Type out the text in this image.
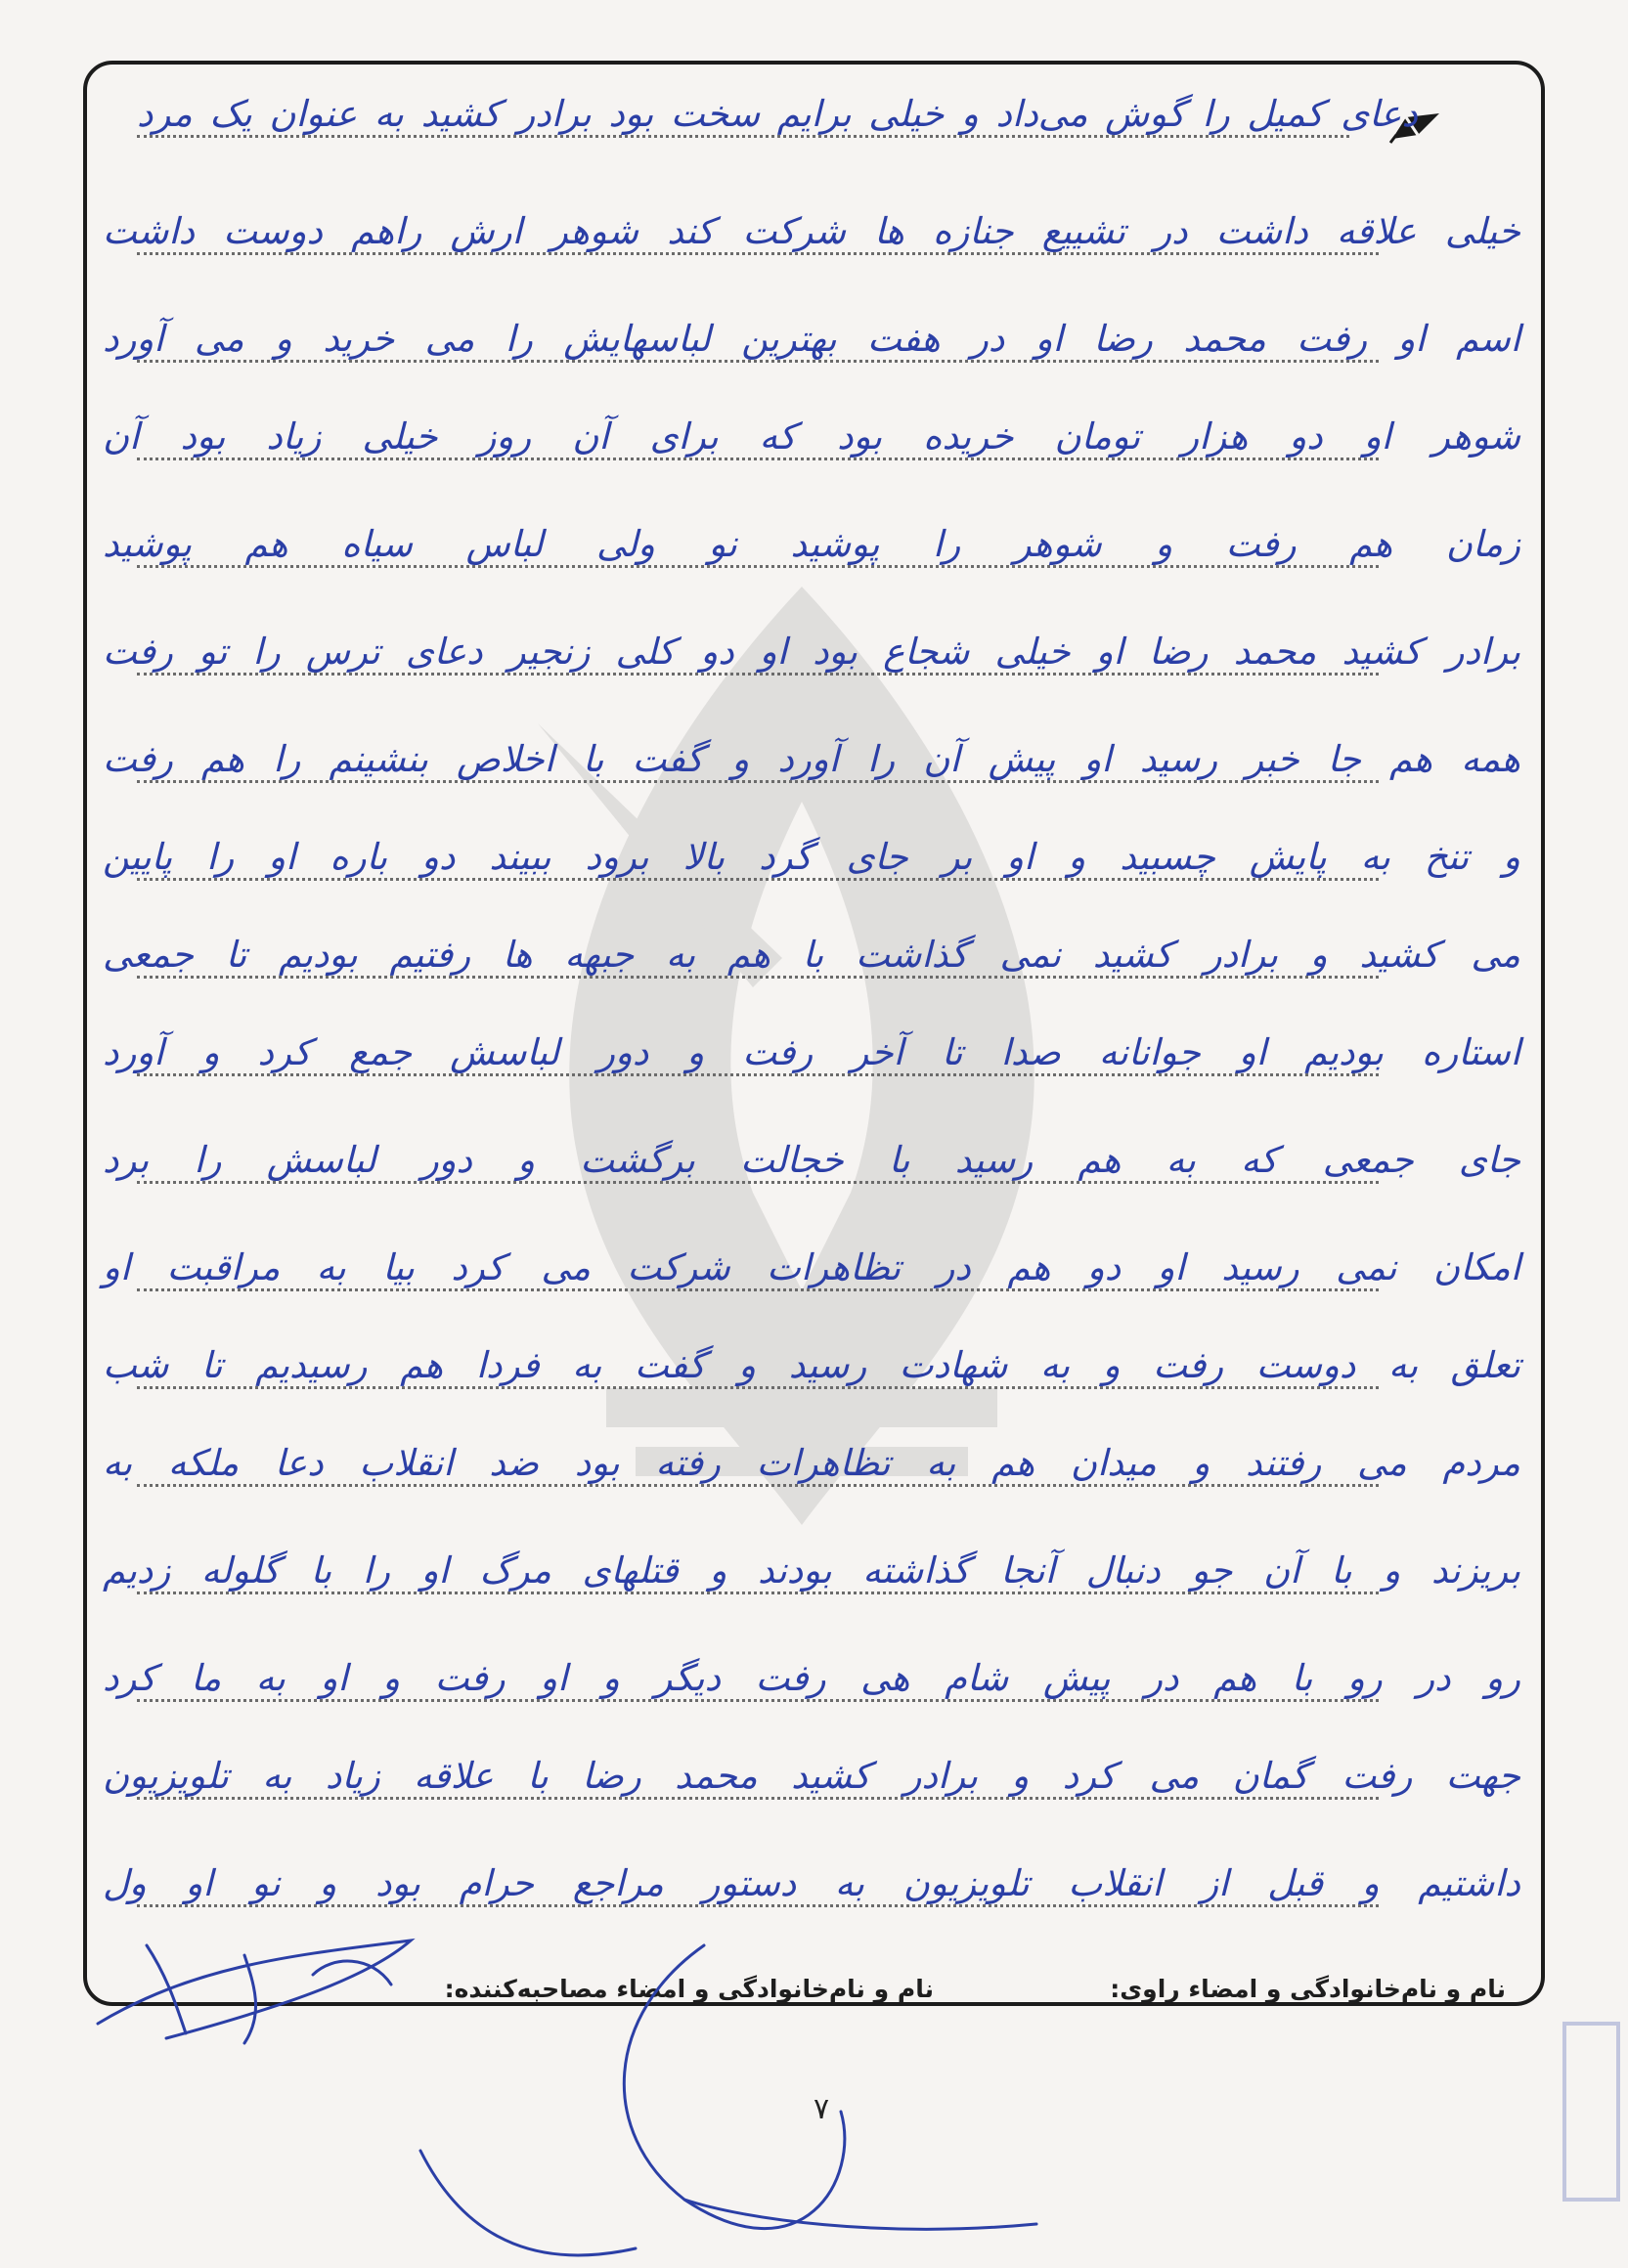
دعای کمیل را گوش می‌داد و خیلی برایم سخت بود برادر کشید به عنوان یک مرد
خیلی علاقه داشت در تشییع جنازه ها شرکت کند شوهر ارش راهم دوست داشت
اسم او رفت محمد رضا او در هفت بهترین لباسهایش را می خرید و می آورد
شوهر او دو هزار تومان خریده بود که برای آن روز خیلی زیاد بود آن
زمان هم رفت و شوهر را پوشید نو ولی لباس سیاه هم پوشید
برادر کشید محمد رضا او خیلی شجاع بود او دو کلی زنجیر دعای ترس را تو رفت
همه هم جا خبر رسید او پیش آن را آورد و گفت با اخلاص بنشینم را هم رفت
و تنخ به پایش چسبید و او بر جای گرد بالا برود ببیند دو باره او را پایین
می کشید و برادر کشید نمی گذاشت با هم به جبهه ها رفتیم بودیم تا جمعی
استاره بودیم او جوانانه صدا تا آخر رفت و دور لباسش جمع کرد و آورد
جای جمعی که به هم رسید با خجالت برگشت و دور لباسش را برد
امکان نمی رسید او دو هم در تظاهرات شرکت می کرد بیا به مراقبت او
تعلق به دوست رفت و به شهادت رسید و گفت به فردا هم رسیدیم تا شب
مردم می رفتند و میدان هم به تظاهرات رفته بود ضد انقلاب دعا ملکه به
بریزند و با آن جو دنبال آنجا گذاشته بودند و قتلهای مرگ او را با گلوله زدیم
رو در رو با هم در پیش شام هی رفت دیگر و او رفت و او به ما کرد
جهت رفت گمان می کرد و برادر کشید محمد رضا با علاقه زیاد به تلویزیون
داشتیم و قبل از انقلاب تلویزیون به دستور مراجع حرام بود و نو او ول
نام و نام‌خانوادگی و امضاء راوی:
نام و نام‌خانوادگی و امضاء مصاحبه‌کننده:
۷
